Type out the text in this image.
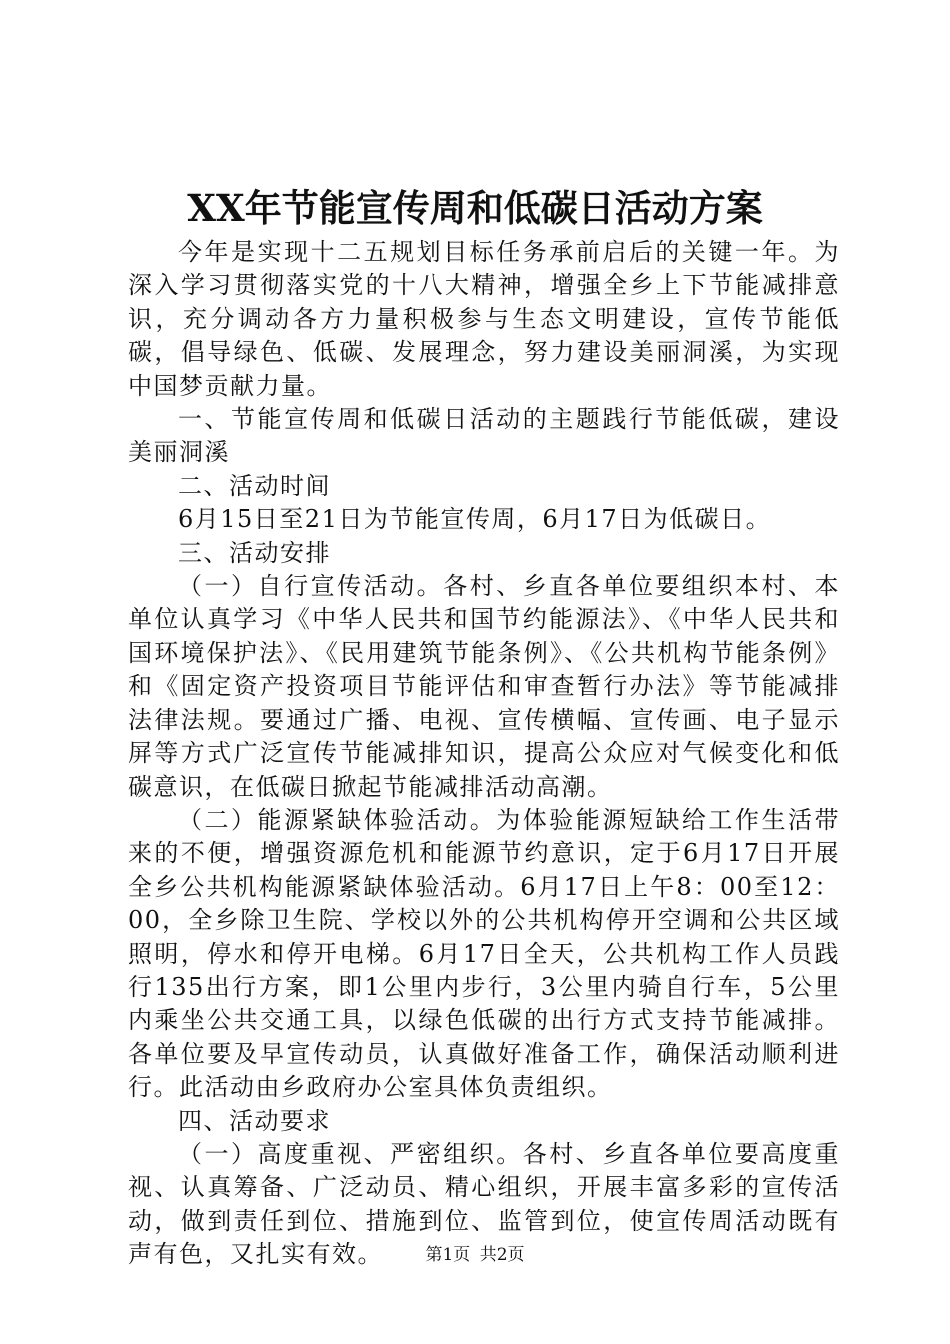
XX年节能宣传周和低碳日活动方案

今年是实现十二五规划目标任务承前启后的关键一年。为深入学习贯彻落实党的十八大精神，增强全乡上下节能减排意识，充分调动各方力量积极参与生态文明建设，宣传节能低碳，倡导绿色、低碳、发展理念，努力建设美丽洞溪，为实现中国梦贡献力量。

一、节能宣传周和低碳日活动的主题践行节能低碳，建设美丽洞溪

二、活动时间

6月15日至21日为节能宣传周，6月17日为低碳日。

三、活动安排

（一）自行宣传活动。各村、乡直各单位要组织本村、本单位认真学习《中华人民共和国节约能源法》、《中华人民共和国环境保护法》、《民用建筑节能条例》、《公共机构节能条例》和《固定资产投资项目节能评估和审查暂行办法》等节能减排法律法规。要通过广播、电视、宣传横幅、宣传画、电子显示屏等方式广泛宣传节能减排知识，提高公众应对气候变化和低碳意识，在低碳日掀起节能减排活动高潮。

（二）能源紧缺体验活动。为体验能源短缺给工作生活带来的不便，增强资源危机和能源节约意识，定于6月17日开展全乡公共机构能源紧缺体验活动。6月17日上午8：00至12：00，全乡除卫生院、学校以外的公共机构停开空调和公共区域照明，停水和停开电梯。6月17日全天，公共机构工作人员践行135出行方案，即1公里内步行，3公里内骑自行车，5公里内乘坐公共交通工具，以绿色低碳的出行方式支持节能减排。各单位要及早宣传动员，认真做好准备工作，确保活动顺利进行。此活动由乡政府办公室具体负责组织。

四、活动要求

（一）高度重视、严密组织。各村、乡直各单位要高度重视、认真筹备、广泛动员、精心组织，开展丰富多彩的宣传活动，做到责任到位、措施到位、监管到位，使宣传周活动既有声有色，又扎实有效。	第1页 共2页
